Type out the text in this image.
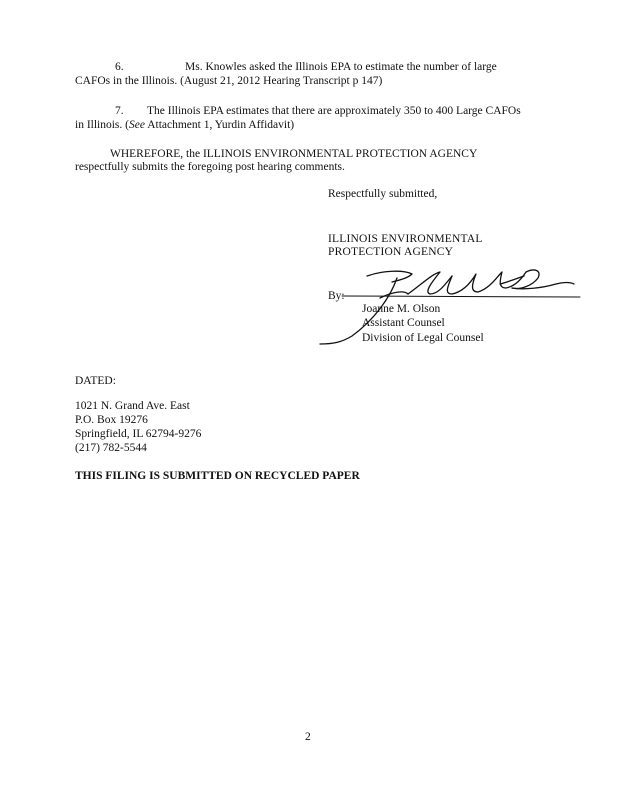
6.	Ms. Knowles asked the Illinois EPA to estimate the number of large
CAFOs in the Illinois. (August 21, 2012 Hearing Transcript p 147)
7. The Illinois EPA estimates that there are approximately 350 to 400 Large CAFOs
in Illinois. (See Attachment 1, Yurdin Affidavit)
WHEREFORE, the ILLINOIS ENVIRONMENTAL PROTECTION AGENCY
respectfully submits the foregoing post hearing comments.
Respectfully submitted,
ILLINOIS ENVIRONMENTAL
PROTECTION AGENCY
By:
Joanne M. Olson
Assistant Counsel
Division of Legal Counsel
DATED:
1021 N. Grand Ave. East
P.O. Box 19276
Springfield, IL 62794-9276
(217) 782-5544
THIS FILING IS SUBMITTED ON RECYCLED PAPER
2
